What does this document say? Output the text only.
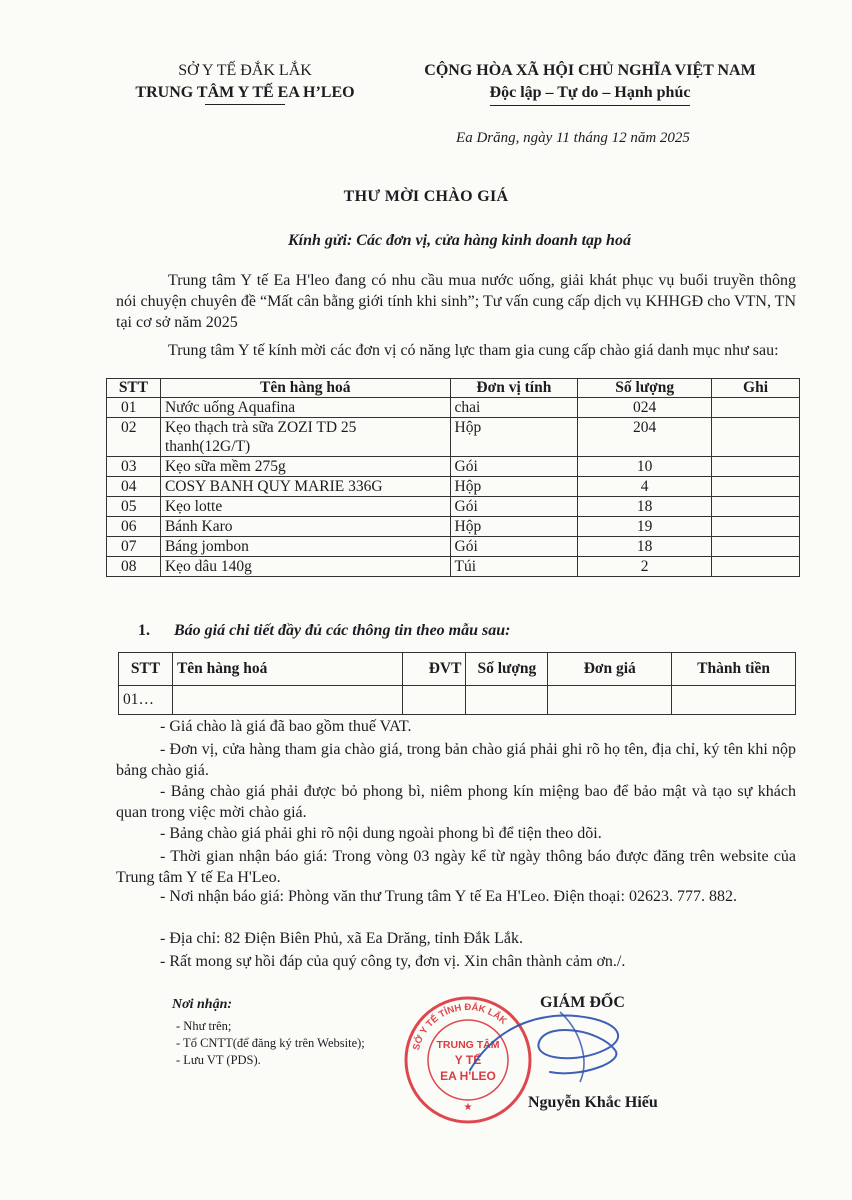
SỞ Y TẾ ĐẮK LẮK
TRUNG TÂM Y TẾ EA H’LEO
CỘNG HÒA XÃ HỘI CHỦ NGHĨA VIỆT NAM
Độc lập – Tự do – Hạnh phúc
Ea Drăng, ngày 11 tháng 12 năm 2025
THƯ MỜI CHÀO GIÁ
Kính gửi: Các đơn vị, cửa hàng kinh doanh tạp hoá
Trung tâm Y tế Ea H'leo đang có nhu cầu mua nước uống, giải khát phục vụ buổi truyền thông nói chuyện chuyên đề “Mất cân bằng giới tính khi sinh”; Tư vấn cung cấp dịch vụ KHHGĐ cho VTN, TN tại cơ sở năm 2025
Trung tâm Y tế kính mời các đơn vị có năng lực tham gia cung cấp chào giá danh mục như sau:
STT	Tên hàng hoá	Đơn vị tính	Số lượng	Ghi
01	Nước uống Aquafina	chai	024	
02	Kẹo thạch trà sữa ZOZI TD 25 thanh(12G/T)	Hộp	204	
03	Kẹo sữa mềm 275g	Gói	10	
04	COSY BANH QUY MARIE 336G	Hộp	4	
05	Kẹo lotte	Gói	18	
06	Bánh Karo	Hộp	19	
07	Báng jombon	Gói	18	
08	Kẹo dâu 140g	Túi	2	
1. Báo giá chi tiết đầy đủ các thông tin theo mẫu sau:
STT	Tên hàng hoá	ĐVT	Số lượng	Đơn giá	Thành tiền
01…					
- Giá chào là giá đã bao gồm thuế VAT.
- Đơn vị, cửa hàng tham gia chào giá, trong bản chào giá phải ghi rõ họ tên, địa chỉ, ký tên khi nộp bảng chào giá.
- Bảng chào giá phải được bỏ phong bì, niêm phong kín miệng bao để bảo mật và tạo sự khách quan trong việc mời chào giá.
- Bảng chào giá phải ghi rõ nội dung ngoài phong bì để tiện theo dõi.
- Thời gian nhận báo giá: Trong vòng 03 ngày kể từ ngày thông báo được đăng trên website của Trung tâm Y tế Ea H'Leo.
- Nơi nhận báo giá: Phòng văn thư Trung tâm Y tế Ea H'Leo. Điện thoại: 02623. 777. 882.
- Địa chỉ: 82 Điện Biên Phủ, xã Ea Drăng, tỉnh Đắk Lắk.
- Rất mong sự hồi đáp của quý công ty, đơn vị. Xin chân thành cảm ơn./.
Nơi nhận:
- Như trên;
- Tổ CNTT(để đăng ký trên Website);
- Lưu VT (PDS).
SỞ Y TẾ TỈNH ĐẮK LẮK
TRUNG TÂM
Y TẾ
EA H'LEO
★
GIÁM ĐỐC
Nguyễn Khắc Hiếu
